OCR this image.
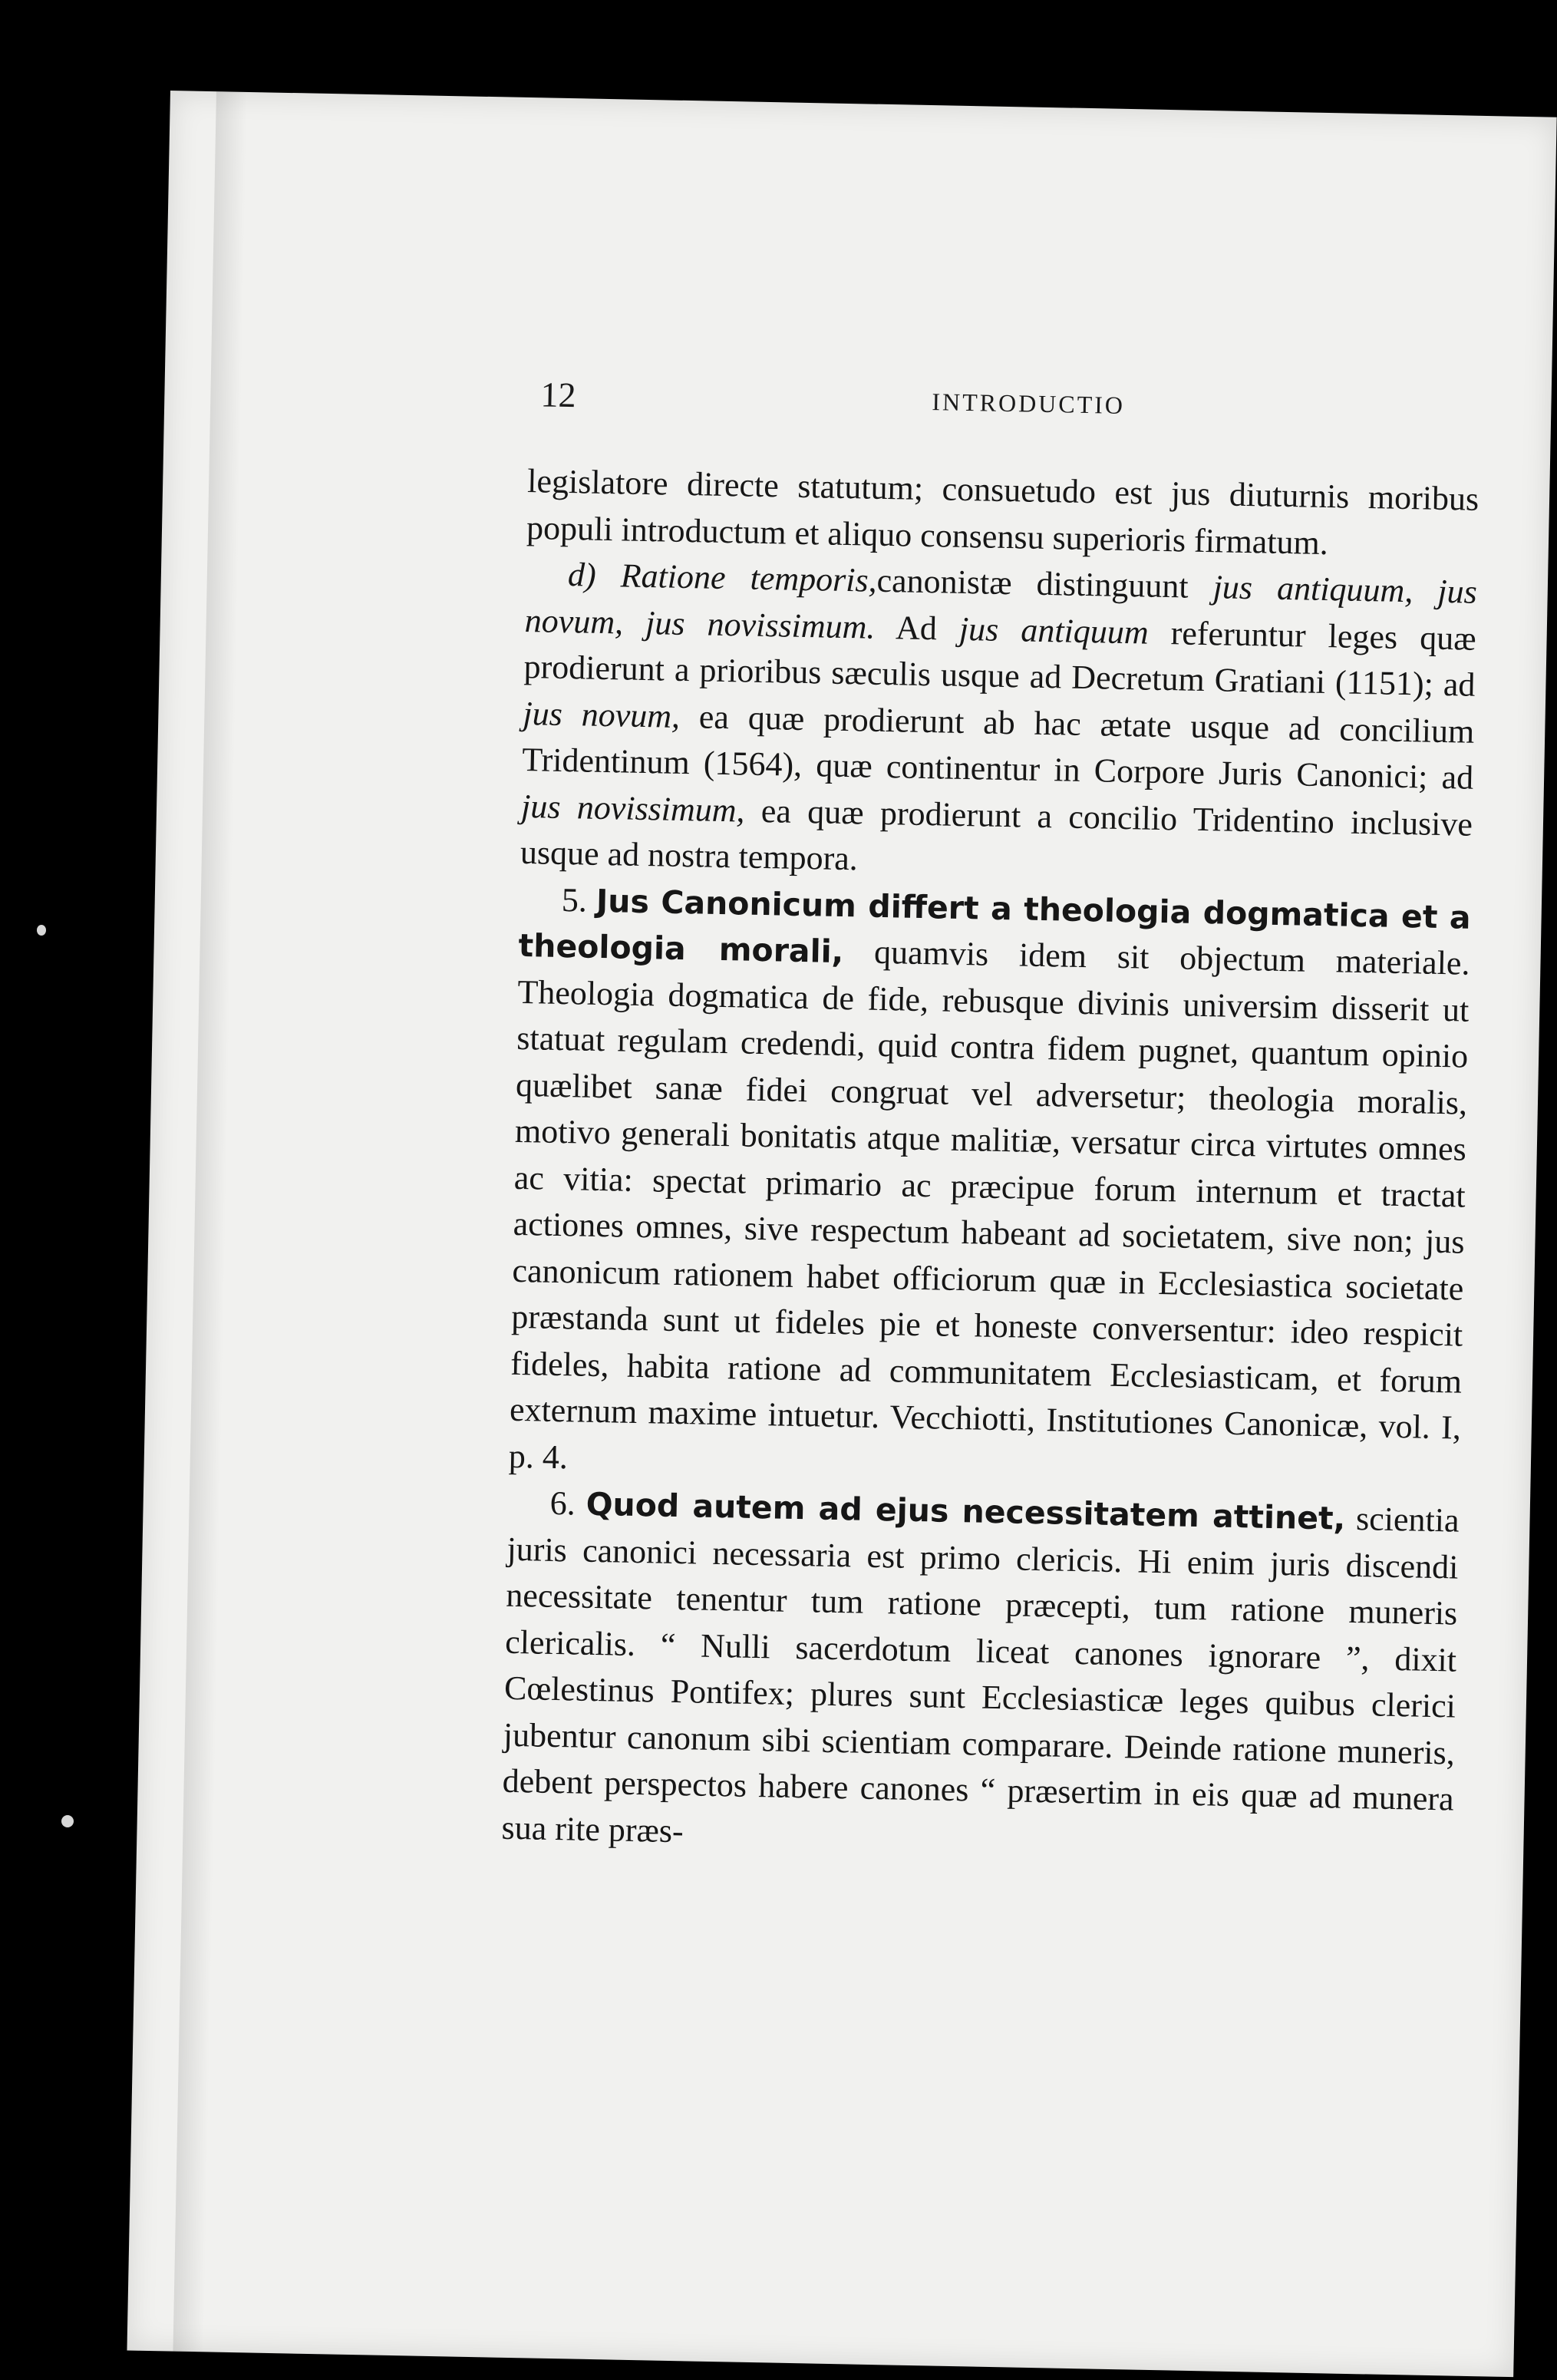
12	INTRODUCTIO

legislatore directe statutum; consuetudo est jus diuturnis moribus populi introductum et aliquo consensu superioris firmatum.

d) Ratione temporis,canonistæ distinguunt jus antiquum, jus novum, jus novissimum. Ad jus antiquum referuntur leges quæ prodierunt a prioribus sæculis usque ad Decretum Gratiani (1151); ad jus novum, ea quæ prodierunt ab hac ætate usque ad concilium Tridentinum (1564), quæ continentur in Corpore Juris Canonici; ad jus novissimum, ea quæ prodierunt a concilio Tridentino inclusive usque ad nostra tempora.

5. Jus Canonicum differt a theologia dogmatica et a theologia morali, quamvis idem sit objectum materiale. Theologia dogmatica de fide, rebusque divinis universim disserit ut statuat regulam credendi, quid contra fidem pugnet, quantum opinio quælibet sanæ fidei congruat vel adversetur; theologia moralis, motivo generali bonitatis atque malitiæ, versatur circa virtutes omnes ac vitia: spectat primario ac præcipue forum internum et tractat actiones omnes, sive respectum habeant ad societatem, sive non; jus canonicum rationem habet officiorum quæ in Ecclesiastica societate præstanda sunt ut fideles pie et honeste conversentur: ideo respicit fideles, habita ratione ad communitatem Ecclesiasticam, et forum externum maxime intuetur. Vecchiotti, Institutiones Canonicæ, vol. I, p. 4.

6. Quod autem ad ejus necessitatem attinet, scientia juris canonici necessaria est primo clericis. Hi enim juris discendi necessitate tenentur tum ratione præcepti, tum ratione muneris clericalis. “ Nulli sacerdotum liceat canones ignorare ”, dixit Cœlestinus Pontifex; plures sunt Ecclesiasticæ leges quibus clerici jubentur canonum sibi scientiam comparare. Deinde ratione muneris, debent perspectos habere canones “ præsertim in eis quæ ad munera sua rite præs-
